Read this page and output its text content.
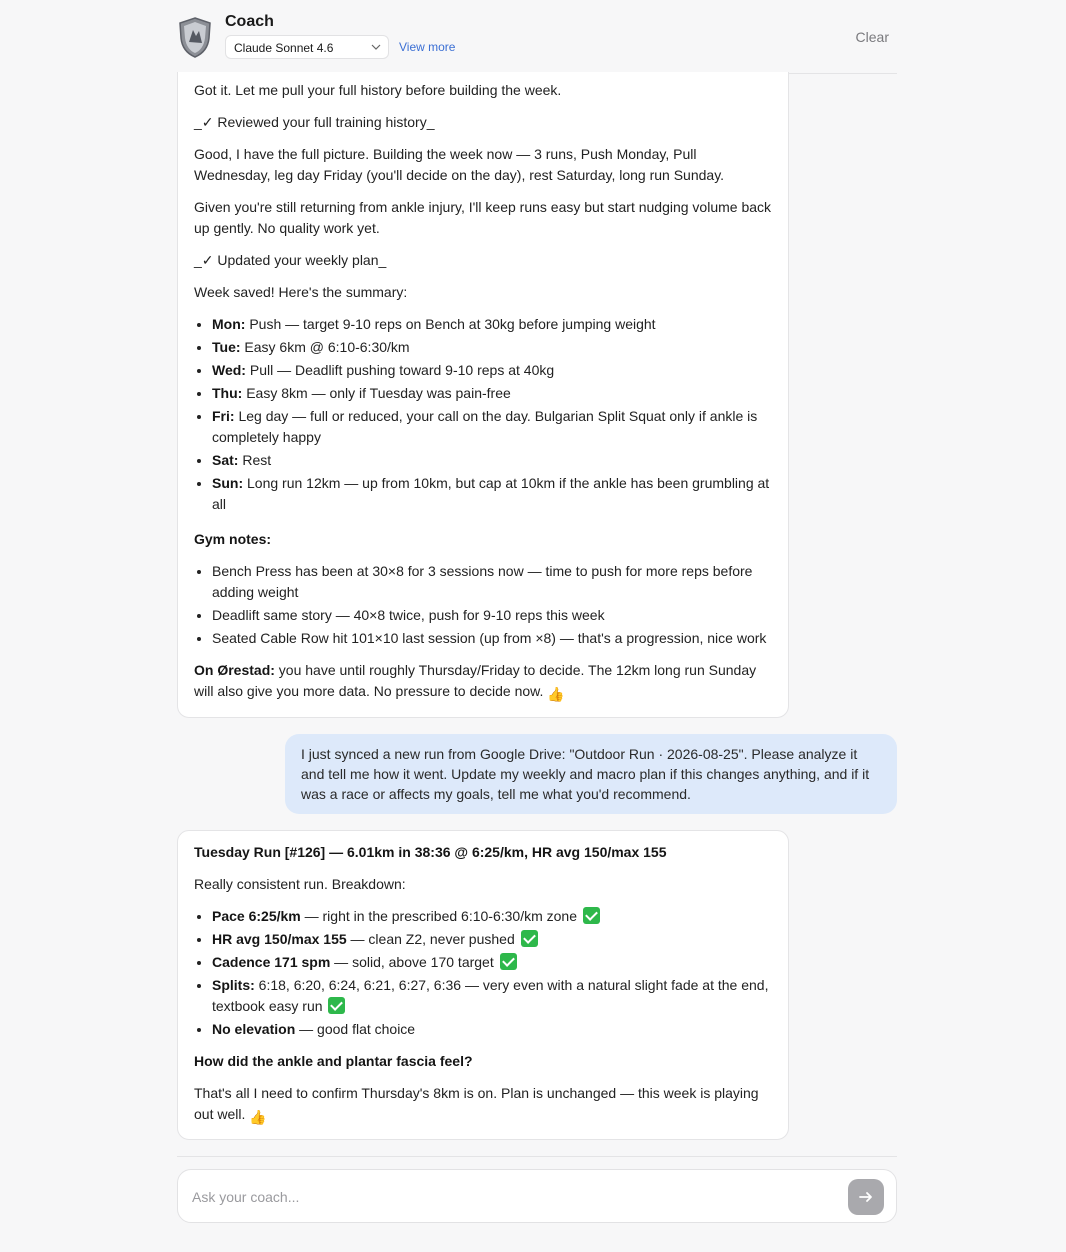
Coach
Claude Sonnet 4.6	View more
Clear

Got it. Let me pull your full history before building the week.

_✓ Reviewed your full training history_

Good, I have the full picture. Building the week now — 3 runs, Push Monday, Pull Wednesday, leg day Friday (you'll decide on the day), rest Saturday, long run Sunday.

Given you're still returning from ankle injury, I'll keep runs easy but start nudging volume back up gently. No quality work yet.

_✓ Updated your weekly plan_

Week saved! Here's the summary:

• Mon: Push — target 9-10 reps on Bench at 30kg before jumping weight
• Tue: Easy 6km @ 6:10-6:30/km
• Wed: Pull — Deadlift pushing toward 9-10 reps at 40kg
• Thu: Easy 8km — only if Tuesday was pain-free
• Fri: Leg day — full or reduced, your call on the day. Bulgarian Split Squat only if ankle is completely happy
• Sat: Rest
• Sun: Long run 12km — up from 10km, but cap at 10km if the ankle has been grumbling at all

Gym notes:

• Bench Press has been at 30×8 for 3 sessions now — time to push for more reps before adding weight
• Deadlift same story — 40×8 twice, push for 9-10 reps this week
• Seated Cable Row hit 101×10 last session (up from ×8) — that's a progression, nice work

On Ørestad: you have until roughly Thursday/Friday to decide. The 12km long run Sunday will also give you more data. No pressure to decide now. 👍

I just synced a new run from Google Drive: "Outdoor Run · 2026-08-25". Please analyze it and tell me how it went. Update my weekly and macro plan if this changes anything, and if it was a race or affects my goals, tell me what you'd recommend.

Tuesday Run [#126] — 6.01km in 38:36 @ 6:25/km, HR avg 150/max 155

Really consistent run. Breakdown:

• Pace 6:25/km — right in the prescribed 6:10-6:30/km zone
• HR avg 150/max 155 — clean Z2, never pushed
• Cadence 171 spm — solid, above 170 target
• Splits: 6:18, 6:20, 6:24, 6:21, 6:27, 6:36 — very even with a natural slight fade at the end, textbook easy run
• No elevation — good flat choice

How did the ankle and plantar fascia feel?

That's all I need to confirm Thursday's 8km is on. Plan is unchanged — this week is playing out well. 👍

Ask your coach...
